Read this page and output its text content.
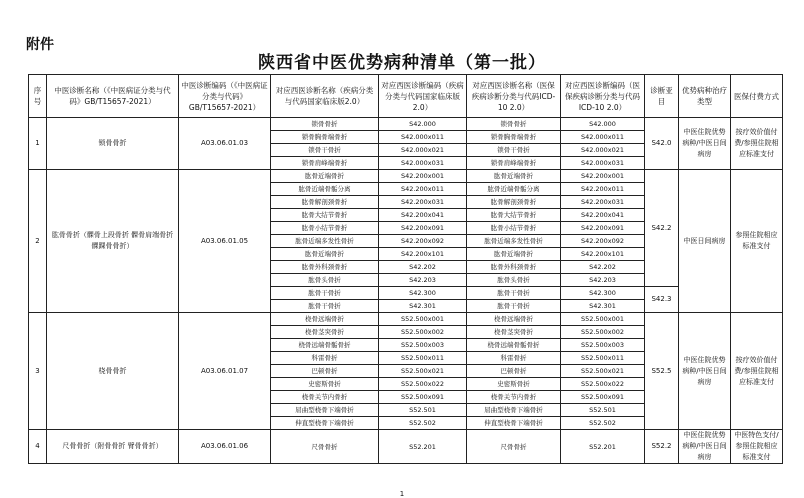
附件
陕西省中医优势病种清单（第一批）
序号	中医诊断名称（《中医病证分类与代码》GB/T15657-2021）	中医诊断编码（《中医病证分类与代码》GB/T15657-2021）	对应西医诊断名称（疾病分类与代码国家临床版2.0）	对应西医诊断编码（疾病分类与代码国家临床版2.0）	对应西医诊断名称（医保疾病诊断分类与代码ICD-10 2.0）	对应西医诊断编码（医保疾病诊断分类与代码ICD-10 2.0）	诊断亚目	优势病种治疗类型	医保付费方式
1	锁骨骨折	A03.06.01.03	锁骨骨折	S42.000	锁骨骨折	S42.000	S42.0	中医住院优势病种/中医日间病房	按疗效价值付费/参照住院相应标准支付
			锁骨胸骨端骨折	S42.000x011	锁骨胸骨端骨折	S42.000x011			
			锁骨干骨折	S42.000x021	锁骨干骨折	S42.000x021			
			锁骨肩峰端骨折	S42.000x031	锁骨肩峰端骨折	S42.000x031			
2	肱骨骨折（髁骨上段骨折 髁骨肩端骨折 髁踝骨骨折）	A03.06.01.05	肱骨近端骨折	S42.200x001	肱骨近端骨折	S42.200x001	S42.2	中医日间病房	参照住院相应标准支付
			肱骨近端骨骺分离	S42.200x011	肱骨近端骨骺分离	S42.200x011			
			肱骨解剖颈骨折	S42.200x031	肱骨解剖颈骨折	S42.200x031			
			肱骨大结节骨折	S42.200x041	肱骨大结节骨折	S42.200x041			
			肱骨小结节骨折	S42.200x091	肱骨小结节骨折	S42.200x091			
			肱骨近端多发性骨折	S42.200x092	肱骨近端多发性骨折	S42.200x092			
			肱骨近端骨折	S42.200x101	肱骨近端骨折	S42.200x101			
			肱骨外科颈骨折	S42.202	肱骨外科颈骨折	S42.202			
			肱骨头骨折	S42.203	肱骨头骨折	S42.203			
			肱骨干骨折	S42.300	肱骨干骨折	S42.300	S42.3		
			肱骨干骨折	S42.301	肱骨干骨折	S42.301			
3	桡骨骨折	A03.06.01.07	桡骨远端骨折	S52.500x001	桡骨远端骨折	S52.500x001	S52.5	中医住院优势病种/中医日间病房	按疗效价值付费/参照住院相应标准支付
			桡骨茎突骨折	S52.500x002	桡骨茎突骨折	S52.500x002			
			桡骨远端骨骺骨折	S52.500x003	桡骨远端骨骺骨折	S52.500x003			
			科雷骨折	S52.500x011	科雷骨折	S52.500x011			
			巴顿骨折	S52.500x021	巴顿骨折	S52.500x021			
			史密斯骨折	S52.500x022	史密斯骨折	S52.500x022			
			桡骨关节内骨折	S52.500x091	桡骨关节内骨折	S52.500x091			
			屈曲型桡骨下端骨折	S52.501	屈曲型桡骨下端骨折	S52.501			
			伸直型桡骨下端骨折	S52.502	伸直型桡骨下端骨折	S52.502			
4	尺骨骨折（附骨骨折 臂骨骨折）	A03.06.01.06	尺骨骨折	S52.201	尺骨骨折	S52.201	S52.2	中医住院优势病种/中医日间病房	中医特色支付/参照住院相应标准支付
1
